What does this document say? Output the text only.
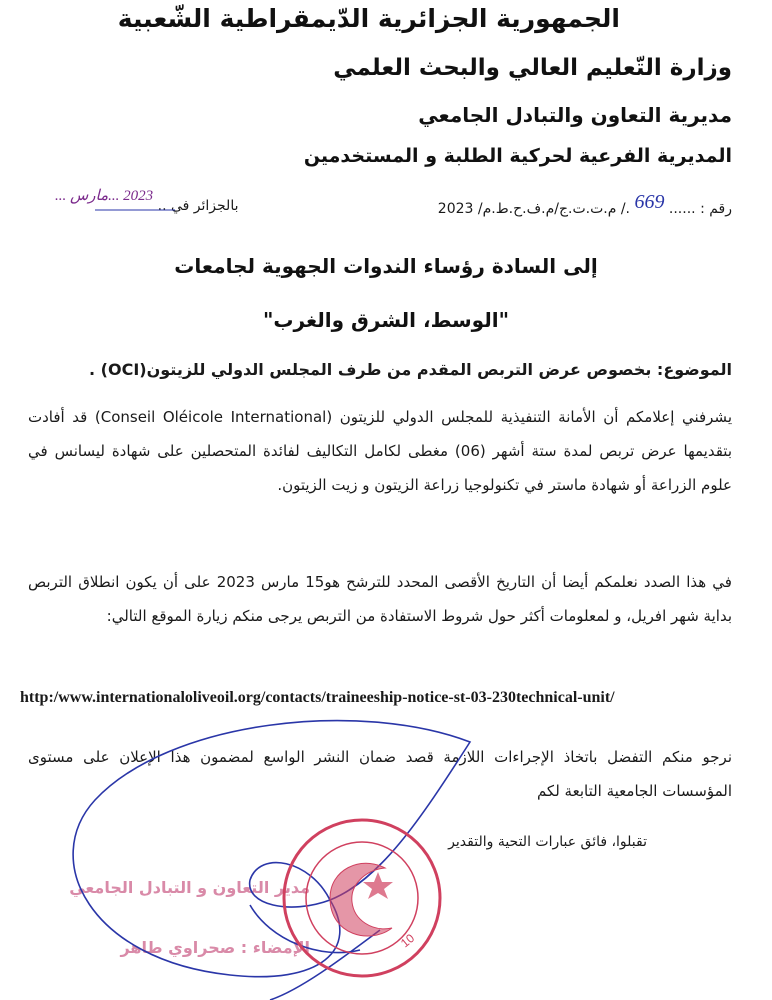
الجمهورية الجزائرية الدّيمقراطية الشّعبية
وزارة التّعليم العالي والبحث العلمي
مديرية التعاون والتبادل الجامعي
المديرية الفرعية لحركية الطلبة و المستخدمين
رقم : ...... 669 ./ م.ت.ت.ج/م.ف.ح.ط.م/ 2023
بالجزائر في .. 2023 ...مارس ...
إلى السادة رؤساء الندوات الجهوية لجامعات
"الوسط، الشرق والغرب"
الموضوع: بخصوص عرض التربص المقدم من طرف المجلس الدولي للزيتون(OCI) .
يشرفني إعلامكم أن الأمانة التنفيذية للمجلس الدولي للزيتون (Conseil Oléicole International) قد أفادت بتقديمها عرض تربص لمدة ستة أشهر (06) مغطى لكامل التكاليف لفائدة المتحصلين على شهادة ليسانس في علوم الزراعة أو شهادة ماستر في تكنولوجيا زراعة الزيتون و زيت الزيتون.
في هذا الصدد نعلمكم أيضا أن التاريخ الأقصى المحدد للترشح هو15 مارس 2023 على أن يكون انطلاق التربص بداية شهر افريل، و لمعلومات أكثر حول شروط الاستفادة من التربص يرجى منكم زيارة الموقع التالي:
http:/www.internationaloliveoil.org/contacts/traineeship-notice-st-03-230technical-unit/
نرجو منكم التفضل باتخاذ الإجراءات اللازمة قصد ضمان النشر الواسع لمضمون هذا الإعلان على مستوى المؤسسات الجامعية التابعة لكم
تقبلوا، فائق عبارات التحية والتقدير
مدير التعاون و التبادل الجامعي
الإمضاء : صحراوي طاهر	10
